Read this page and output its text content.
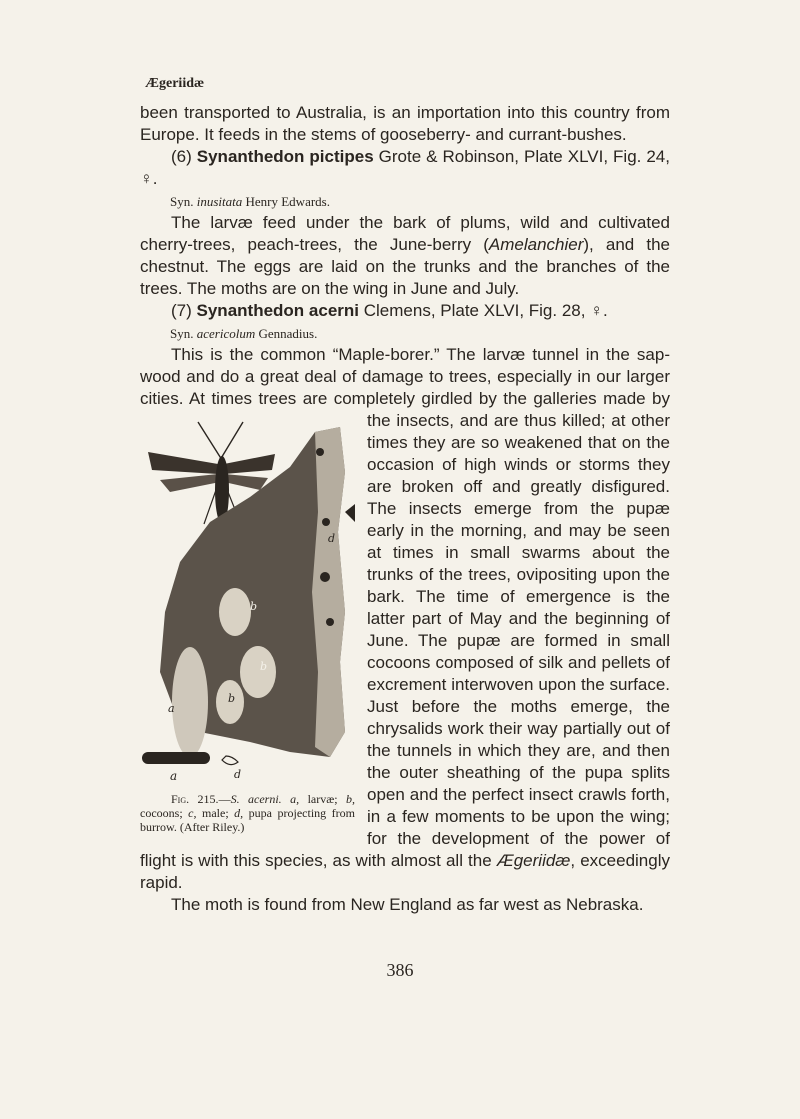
Ægeriidæ

been transported to Australia, is an importation into this country from Europe. It feeds in the stems of gooseberry- and currant-bushes.

(6) Synanthedon pictipes Grote & Robinson, Plate XLVI, Fig. 24, ♀.

Syn. inusitata Henry Edwards.

The larvæ feed under the bark of plums, wild and cultivated cherry-trees, peach-trees, the June-berry (Amelanchier), and the chestnut. The eggs are laid on the trunks and the branches of the trees. The moths are on the wing in June and July.

(7) Synanthedon acerni Clemens, Plate XLVI, Fig. 28, ♀.

Syn. acericolum Gennadius.

This is the common “Maple-borer.” The larvæ tunnel in the sap-wood and do a great deal of damage to trees, especially in our larger cities. At times trees are completely girdled by
b
b
b
a
d
a	d
Fig. 215.—S. acerni. a, larvæ; b, cocoons; c, male; d, pupa projecting from burrow. (After Riley.)
the galleries made by the insects, and are thus killed; at other times they are so weakened that on the occasion of high winds or storms they are broken off and greatly disfigured. The insects emerge from the pupæ early in the morning, and may be seen at times in small swarms about the trunks of the trees, ovipositing upon the bark. The time of emergence is the latter part of May and the beginning of June. The pupæ are formed in small cocoons composed of silk and pellets of excrement interwoven upon the surface. Just before the moths emerge, the chrysalids work their way partially out of the tunnels in which they are, and then the outer sheathing of the pupa splits open and the perfect insect crawls forth, in a few moments to be upon the wing; for the development of the power of flight is with this species, as with almost all the Ægeriidæ, exceedingly rapid.

The moth is found from New England as far west as Nebraska.

386
